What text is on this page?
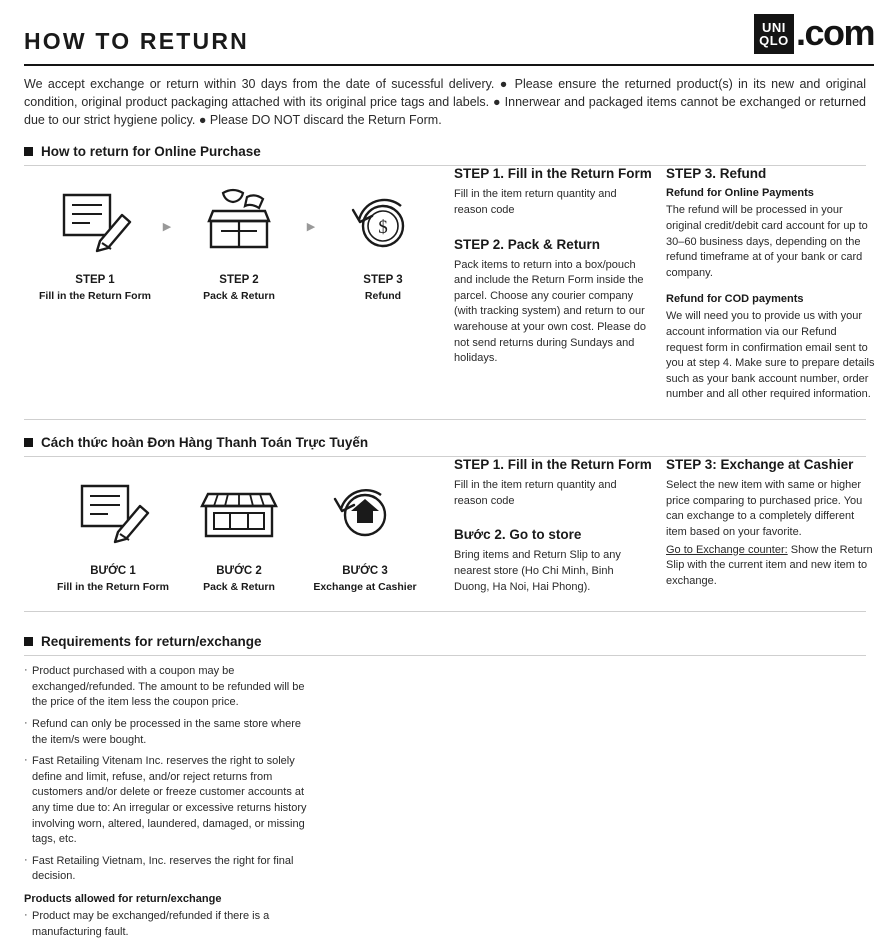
HOW TO RETURN
UNI
QLO .com

We accept exchange or return within 30 days from the date of sucessful delivery. ● Please ensure the returned product(s) in its new and original condition, original product packaging attached with its original price tags and labels. ● Innerwear and packaged items cannot be exchanged or returned due to our strict hygiene policy. ● Please DO NOT discard the Return Form.

How to return for Online Purchase
STEP 1
Fill in the Return Form
▶
STEP 2
Pack & Return
▶	$
STEP 3
Refund
STEP 1. Fill in the Return Form

Fill in the item return quantity and reason code

STEP 2. Pack & Return

Pack items to return into a box/pouch and include the Return Form inside the parcel. Choose any courier company (with tracking system) and return to our warehouse at your own cost. Please do not send returns during Sundays and holidays.

STEP 3. Refund
Refund for Online Payments

The refund will be processed in your original credit/debit card account for up to 30–60 business days, depending on the refund timeframe at of your bank or card company.

Refund for COD payments

We will need you to provide us with your account information via our Refund request form in confirmation email sent to you at step 4. Make sure to prepare details such as your bank account number, order number and all other required information.

Cách thức hoàn Đơn Hàng Thanh Toán Trực Tuyến
BƯỚC 1
Fill in the Return Form
BƯỚC 2
Pack & Return
BƯỚC 3
Exchange at Cashier
STEP 1. Fill in the Return Form

Fill in the item return quantity and reason code

Bước 2. Go to store

Bring items and Return Slip to any nearest store (Ho Chi Minh, Binh Duong, Ha Noi, Hai Phong).

STEP 3: Exchange at Cashier

Select the new item with same or higher price comparing to purchased price. You can exchange to a completely different item based on your favorite.

Go to Exchange counter: Show the Return Slip with the current item and new item to exchange.

Requirements for return/exchange
· Product purchased with a coupon may be exchanged/refunded. The amount to be refunded will be the price of the item less the coupon price.
· Refund can only be processed in the same store where the item/s were bought.
· Fast Retailing Vitenam Inc. reserves the right to solely define and limit, refuse, and/or reject returns from customers and/or delete or freeze customer accounts at any time due to: An irregular or excessive returns history involving worn, altered, laundered, damaged, or missing tags, etc.
· Fast Retailing Vietnam, Inc. reserves the right for final decision.
Products allowed for return/exchange
· Product may be exchanged/refunded if there is a manufacturing fault.
